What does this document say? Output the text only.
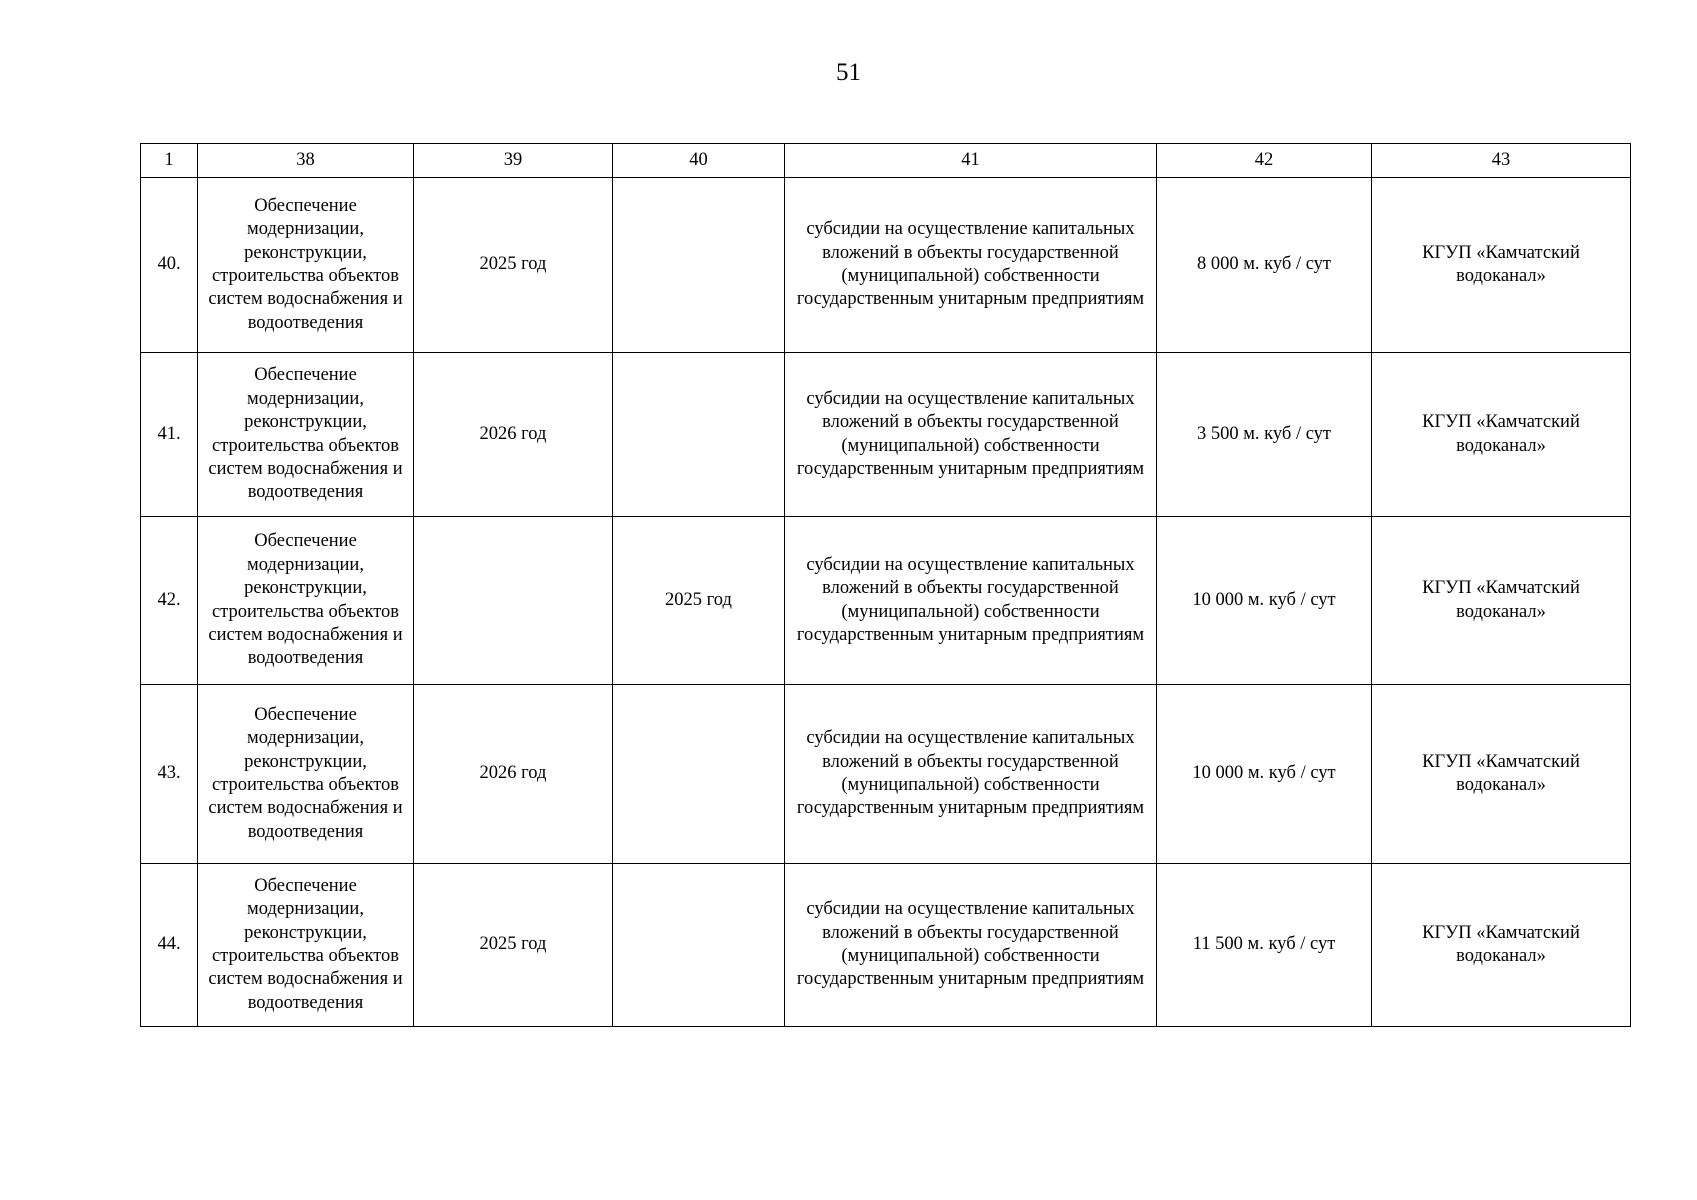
51
1	38	39	40	41	42	43
40.	Обеспечение модернизации, реконструкции, строительства объектов систем водоснабжения и водоотведения	2025 год		субсидии на осуществление капитальных вложений в объекты государственной (муниципальной) собственности государственным унитарным предприятиям	8 000 м. куб / сут	КГУП «Камчатский водоканал»
41.	Обеспечение модернизации, реконструкции, строительства объектов систем водоснабжения и водоотведения	2026 год		субсидии на осуществление капитальных вложений в объекты государственной (муниципальной) собственности государственным унитарным предприятиям	3 500 м. куб / сут	КГУП «Камчатский водоканал»
42.	Обеспечение модернизации, реконструкции, строительства объектов систем водоснабжения и водоотведения		2025 год	субсидии на осуществление капитальных вложений в объекты государственной (муниципальной) собственности государственным унитарным предприятиям	10 000 м. куб / сут	КГУП «Камчатский водоканал»
43.	Обеспечение модернизации, реконструкции, строительства объектов систем водоснабжения и водоотведения	2026 год		субсидии на осуществление капитальных вложений в объекты государственной (муниципальной) собственности государственным унитарным предприятиям	10 000 м. куб / сут	КГУП «Камчатский водоканал»
44.	Обеспечение модернизации, реконструкции, строительства объектов систем водоснабжения и водоотведения	2025 год		субсидии на осуществление капитальных вложений в объекты государственной (муниципальной) собственности государственным унитарным предприятиям	11 500 м. куб / сут	КГУП «Камчатский водоканал»
